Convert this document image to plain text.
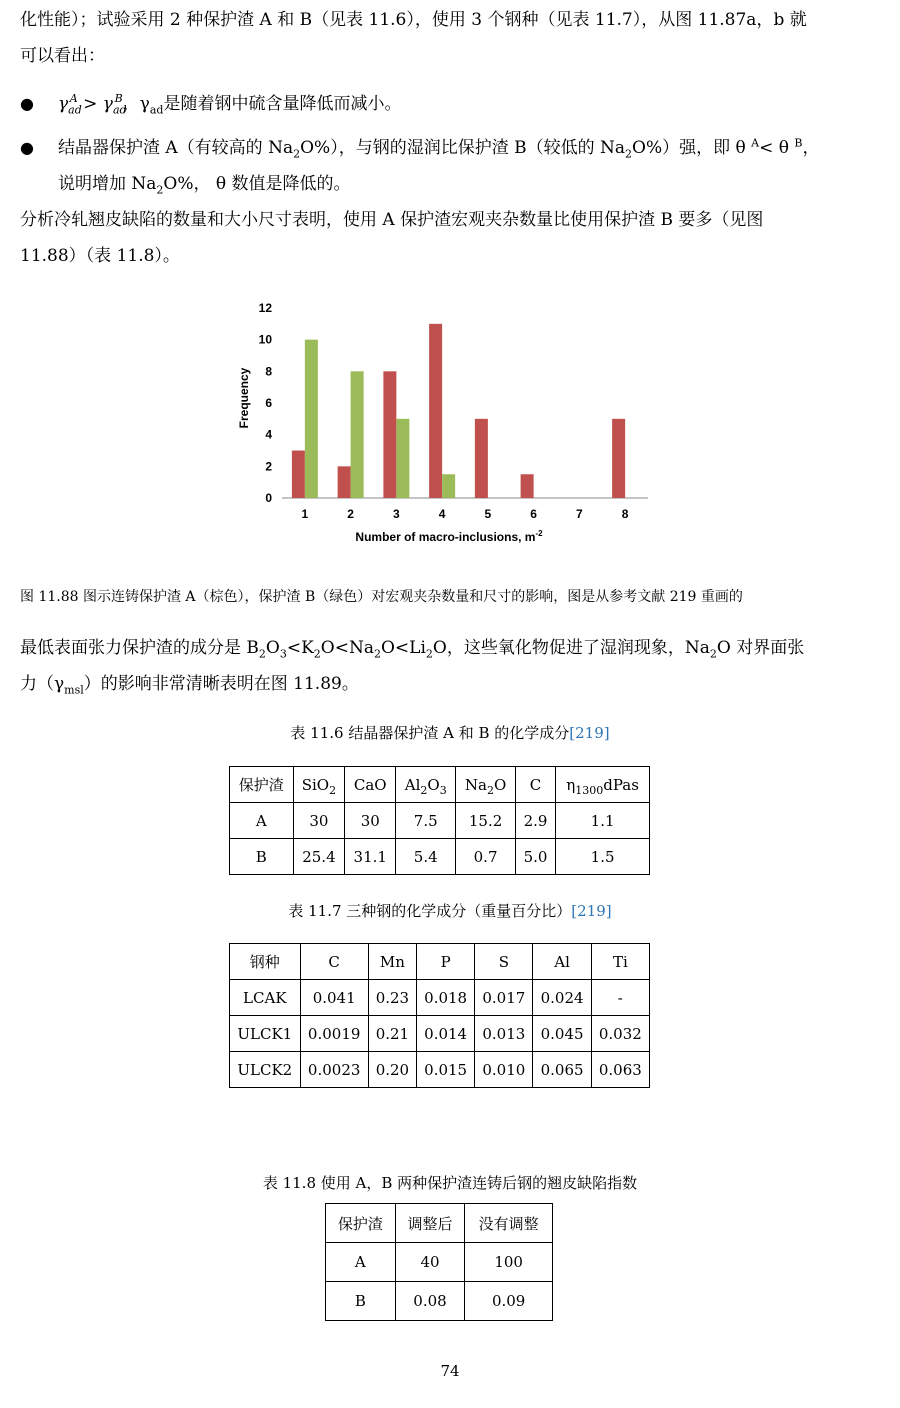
化性能）；试验采用 2 种保护渣 A 和 B（见表 11.6），使用 3 个钢种（见表 11.7），从图 11.87a，b 就

可以看出：

● $\gamma_{ad}^A > \gamma_{ad}^B$，$\gamma_{ad}$是随着钢中硫含量降低而减小。
● 结晶器保护渣 A（有较高的 $Na_2O\%$），与钢的湿润比保护渣 B（较低的 $Na_2O\%$）强，即 θ $^A$< θ $^B$，
说明增加 $Na_2O\%$， θ 数值是降低的。

分析冷轧翘皮缺陷的数量和大小尺寸表明，使用 A 保护渣宏观夹杂数量比使用保护渣 B 要多（见图

11.88）（表 11.8）。

Frequency
Number of macro-inclusions, $m^{-2}$
0
2
4
6
8
10
12
1	2	3	4	5	6	7	8
图 11.88 图示连铸保护渣 A（棕色），保护渣 B（绿色）对宏观夹杂数量和尺寸的影响，图是从参考文献 219 重画的

最低表面张力保护渣的成分是 $B_2O_3<K_2O<Na_2O<Li_2O$，这些氧化物促进了湿润现象，$Na_2O$ 对界面张

力$(\gamma_{msl})$的影响非常清晰表明在图 11.89。

表 11.6 结晶器保护渣 A 和 B 的化学成分[219]
保护渣	SiO$_2$	CaO	$Al_2O_3$	$Na_2O$	C	$\eta_{1300}dPas$
A	30	30	7.5	15.2	2.9	1.1
B	25.4	31.1	5.4	0.7	5.0	1.5
表 11.7 三种钢的化学成分（重量百分比）[219]
钢种	C	Mn	P	S	Al	Ti
LCAK	0.041	0.23	0.018	0.017	0.024	-
ULCK1	0.0019	0.21	0.014	0.013	0.045	0.032
ULCK2	0.0023	0.20	0.015	0.010	0.065	0.063
表 11.8 使用 A，B 两种保护渣连铸后钢的翘皮缺陷指数
保护渣	调整后	没有调整
A	40	100
B	0.08	0.09
74
